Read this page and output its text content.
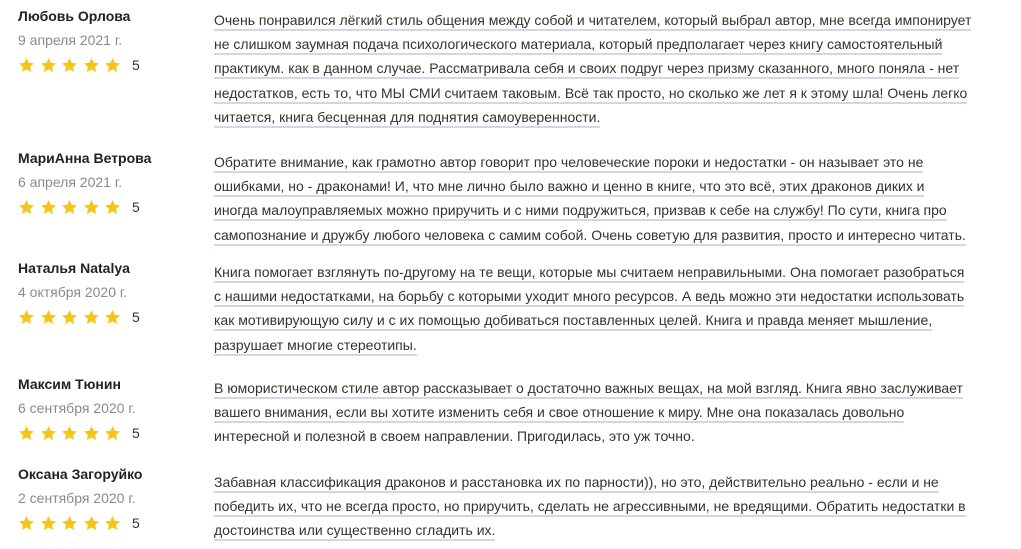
Любовь Орлова
9 апреля 2021 г.
5
Очень понравился лёгкий стиль общения между собой и читателем, который выбрал автор, мне всегда импонирует
не слишком заумная подача психологического материала, который предполагает через книгу самостоятельный
практикум. как в данном случае. Рассматривала себя и своих подруг через призму сказанного, много поняла - нет
недостатков, есть то, что МЫ СМИ считаем таковым. Всё так просто, но сколько же лет я к этому шла! Очень легко
читается, книга бесценная для поднятия самоуверенности.
МариАнна Ветрова
6 апреля 2021 г.
5
Обратите внимание, как грамотно автор говорит про человеческие пороки и недостатки - он называет это не
ошибками, но - драконами! И, что мне лично было важно и ценно в книге, что это всё, этих драконов диких и
иногда малоуправляемых можно приручить и с ними подружиться, призвав к себе на службу! По сути, книга про
самопознание и дружбу любого человека с самим собой. Очень советую для развития, просто и интересно читать.
Наталья Natalya
4 октября 2020 г.
5
Книга помогает взглянуть по-другому на те вещи, которые мы считаем неправильными. Она помогает разобраться
с нашими недостатками, на борьбу с которыми уходит много ресурсов. А ведь можно эти недостатки использовать
как мотивирующую силу и с их помощью добиваться поставленных целей. Книга и правда меняет мышление,
разрушает многие стереотипы.
Максим Тюнин
6 сентября 2020 г.
5
В юмористическом стиле автор рассказывает о достаточно важных вещах, на мой взгляд. Книга явно заслуживает
вашего внимания, если вы хотите изменить себя и свое отношение к миру. Мне она показалась довольно
интересной и полезной в своем направлении. Пригодилась, это уж точно.
Оксана Загоруйко
2 сентября 2020 г.
5
Забавная классификация драконов и расстановка их по парности)), но это, действительно реально - если и не
победить их, что не всегда просто, но приручить, сделать не агрессивными, не вредящими. Обратить недостатки в
достоинства или существенно сгладить их.
